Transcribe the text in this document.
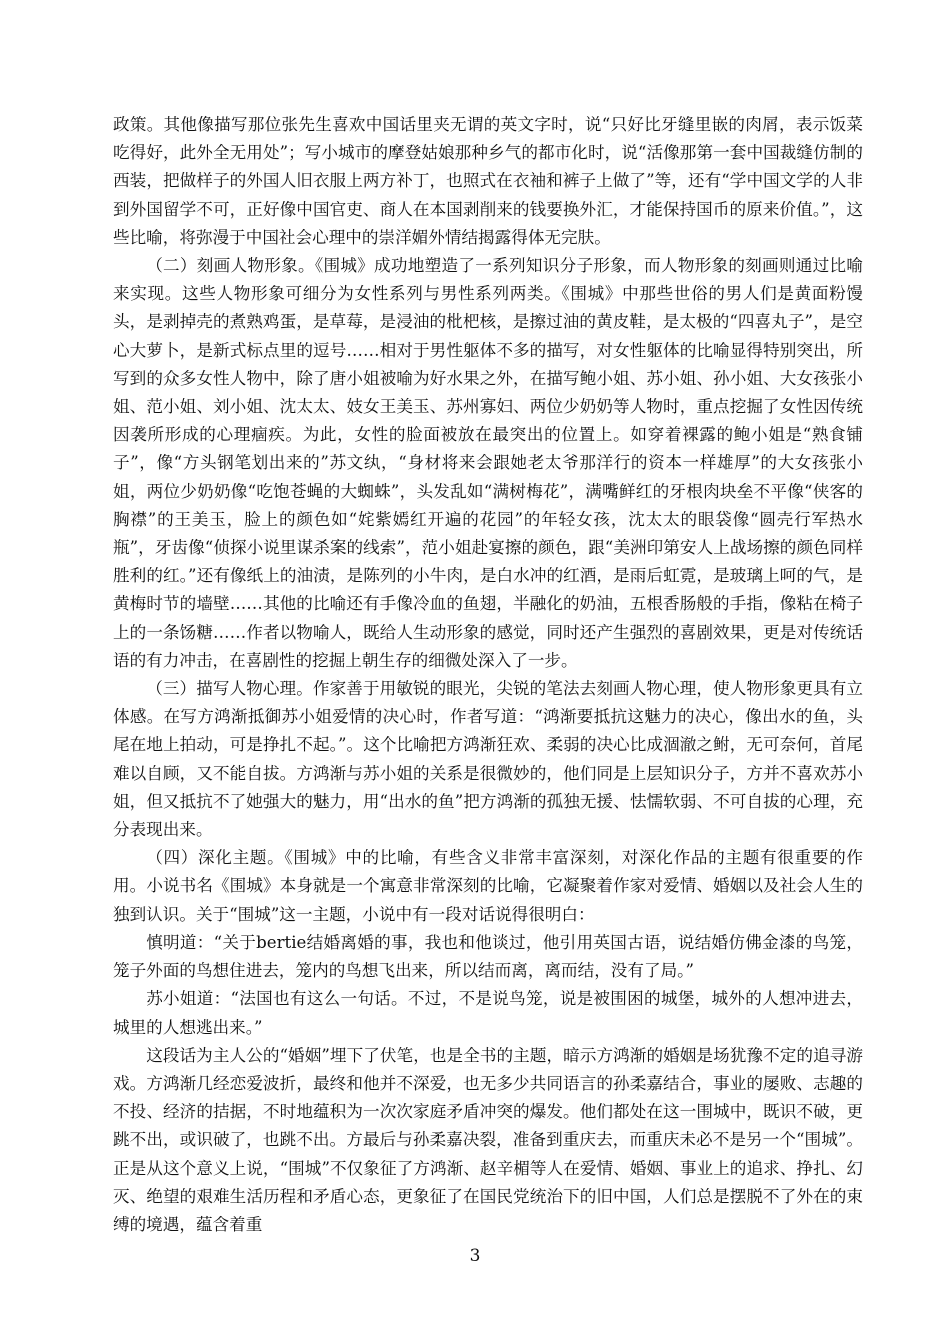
政策。其他像描写那位张先生喜欢中国话里夹无谓的英文字时，说“只好比牙缝里嵌的肉屑，表示饭菜吃得好，此外全无用处”；写小城市的摩登姑娘那种乡气的都市化时，说“活像那第一套中国裁缝仿制的西装，把做样子的外国人旧衣服上两方补丁，也照式在衣袖和裤子上做了”等，还有“学中国文学的人非到外国留学不可，正好像中国官吏、商人在本国剥削来的钱要换外汇，才能保持国币的原来价值。”，这些比喻，将弥漫于中国社会心理中的崇洋媚外情结揭露得体无完肤。

（二）刻画人物形象。《围城》成功地塑造了一系列知识分子形象，而人物形象的刻画则通过比喻来实现。这些人物形象可细分为女性系列与男性系列两类。《围城》中那些世俗的男人们是黄面粉馒头，是剥掉壳的煮熟鸡蛋，是草莓，是浸油的枇杷核，是擦过油的黄皮鞋，是太极的“四喜丸子”，是空心大萝卜，是新式标点里的逗号……相对于男性躯体不多的描写，对女性躯体的比喻显得特别突出，所写到的众多女性人物中，除了唐小姐被喻为好水果之外，在描写鲍小姐、苏小姐、孙小姐、大女孩张小姐、范小姐、刘小姐、沈太太、妓女王美玉、苏州寡妇、两位少奶奶等人物时，重点挖掘了女性因传统因袭所形成的心理痼疾。为此，女性的脸面被放在最突出的位置上。如穿着裸露的鲍小姐是“熟食铺子”，像“方头钢笔划出来的”苏文纨，“身材将来会跟她老太爷那洋行的资本一样雄厚”的大女孩张小姐，两位少奶奶像“吃饱苍蝇的大蜘蛛”，头发乱如“满树梅花”，满嘴鲜红的牙根肉块垒不平像“侠客的胸襟”的王美玉，脸上的颜色如“姹紫嫣红开遍的花园”的年轻女孩，沈太太的眼袋像“圆壳行军热水瓶”，牙齿像“侦探小说里谋杀案的线索”，范小姐赴宴擦的颜色，跟“美洲印第安人上战场擦的颜色同样胜利的红。”还有像纸上的油渍，是陈列的小牛肉，是白水冲的红酒，是雨后虹霓，是玻璃上呵的气，是黄梅时节的墙壁……其他的比喻还有手像冷血的鱼翅，半融化的奶油，五根香肠般的手指，像粘在椅子上的一条饧糖……作者以物喻人，既给人生动形象的感觉，同时还产生强烈的喜剧效果，更是对传统话语的有力冲击，在喜剧性的挖掘上朝生存的细微处深入了一步。

（三）描写人物心理。作家善于用敏锐的眼光，尖锐的笔法去刻画人物心理，使人物形象更具有立体感。在写方鸿渐抵御苏小姐爱情的决心时，作者写道：“鸿渐要抵抗这魅力的决心，像出水的鱼，头尾在地上拍动，可是挣扎不起。”。这个比喻把方鸿渐狂欢、柔弱的决心比成涸澈之鲋，无可奈何，首尾难以自顾，又不能自拔。方鸿渐与苏小姐的关系是很微妙的，他们同是上层知识分子，方并不喜欢苏小姐，但又抵抗不了她强大的魅力，用“出水的鱼”把方鸿渐的孤独无援、怯懦软弱、不可自拔的心理，充分表现出来。

（四）深化主题。《围城》中的比喻，有些含义非常丰富深刻，对深化作品的主题有很重要的作用。小说书名《围城》本身就是一个寓意非常深刻的比喻，它凝聚着作家对爱情、婚姻以及社会人生的独到认识。关于“围城”这一主题，小说中有一段对话说得很明白：

慎明道：“关于bertie结婚离婚的事，我也和他谈过，他引用英国古语，说结婚仿佛金漆的鸟笼，笼子外面的鸟想住进去，笼内的鸟想飞出来，所以结而离，离而结，没有了局。”

苏小姐道：“法国也有这么一句话。不过，不是说鸟笼，说是被围困的城堡，城外的人想冲进去，城里的人想逃出来。”

这段话为主人公的“婚姻”埋下了伏笔，也是全书的主题，暗示方鸿渐的婚姻是场犹豫不定的追寻游戏。方鸿渐几经恋爱波折，最终和他并不深爱，也无多少共同语言的孙柔嘉结合，事业的屡败、志趣的不投、经济的拮据，不时地蕴积为一次次家庭矛盾冲突的爆发。他们都处在这一围城中，既识不破，更跳不出，或识破了，也跳不出。方最后与孙柔嘉决裂，准备到重庆去，而重庆未必不是另一个“围城”。正是从这个意义上说，“围城”不仅象征了方鸿渐、赵辛楣等人在爱情、婚姻、事业上的追求、挣扎、幻灭、绝望的艰难生活历程和矛盾心态，更象征了在国民党统治下的旧中国，人们总是摆脱不了外在的束缚的境遇，蕴含着重

3
